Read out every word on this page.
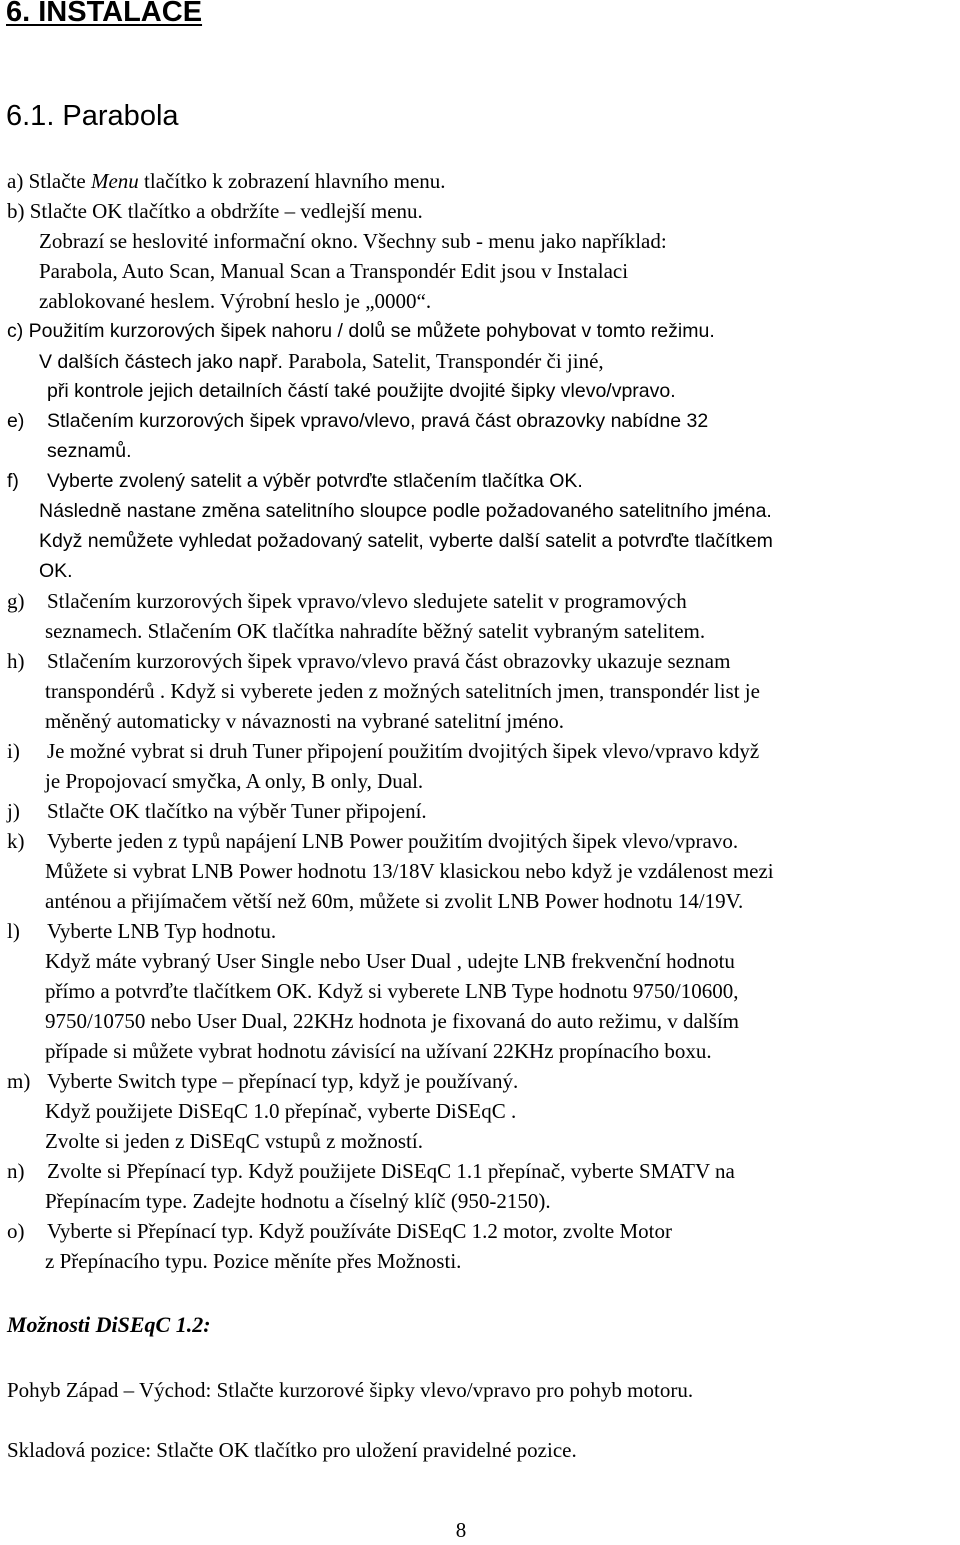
6. INSTALACE
6.1. Parabola

a) Stlačte Menu tlačítko k zobrazení hlavního menu.

b) Stlačte OK tlačítko a obdržíte – vedlejší menu.

Zobrazí se heslovité informační okno. Všechny sub - menu jako například:

Parabola, Auto Scan, Manual Scan a Transpondér Edit jsou v Instalaci

zablokované heslem. Výrobní heslo je „0000“.

c) Použitím kurzorových šipek nahoru / dolů se můžete pohybovat v tomto režimu.

V dalších částech jako např. Parabola, Satelit, Transpondér či jiné,

při kontrole jejich detailních částí také použijte dvojité šipky vlevo/vpravo.

e) Stlačením kurzorových šipek vpravo/vlevo, pravá část obrazovky nabídne 32

seznamů.

f) Vyberte zvolený satelit a výběr potvrďte stlačením tlačítka OK.

Následně nastane změna satelitního sloupce podle požadovaného satelitního jména.

Když nemůžete vyhledat požadovaný satelit, vyberte další satelit a potvrďte tlačítkem

OK.

g) Stlačením kurzorových šipek vpravo/vlevo sledujete satelit v programových

seznamech. Stlačením OK tlačítka nahradíte běžný satelit vybraným satelitem.

h) Stlačením kurzorových šipek vpravo/vlevo pravá část obrazovky ukazuje seznam

transpondérů . Když si vyberete jeden z možných satelitních jmen, transpondér list je

měněný automaticky v návaznosti na vybrané satelitní jméno.

i) Je možné vybrat si druh Tuner připojení použitím dvojitých šipek vlevo/vpravo když

je Propojovací smyčka, A only, B only, Dual.

j) Stlačte OK tlačítko na výběr Tuner připojení.

k) Vyberte jeden z typů napájení LNB Power použitím dvojitých šipek vlevo/vpravo.

Můžete si vybrat LNB Power hodnotu 13/18V klasickou nebo když je vzdálenost mezi

anténou a přijímačem větší než 60m, můžete si zvolit LNB Power hodnotu 14/19V.

l) Vyberte LNB Typ hodnotu.

Když máte vybraný User Single nebo User Dual , udejte LNB frekvenční hodnotu

přímo a potvrďte tlačítkem OK. Když si vyberete LNB Type hodnotu 9750/10600,

9750/10750 nebo User Dual, 22KHz hodnota je fixovaná do auto režimu, v dalším

případe si můžete vybrat hodnotu závisící na užívaní 22KHz propínacího boxu.

m) Vyberte Switch type – přepínací typ, když je používaný.

Když použijete DiSEqC 1.0 přepínač, vyberte DiSEqC .

Zvolte si jeden z DiSEqC vstupů z možností.

n) Zvolte si Přepínací typ. Když použijete DiSEqC 1.1 přepínač, vyberte SMATV na

Přepínacím type. Zadejte hodnotu a číselný klíč (950-2150).

o) Vyberte si Přepínací typ. Když používáte DiSEqC 1.2 motor, zvolte Motor

z Přepínacího typu. Pozice měníte přes Možnosti.

Možnosti DiSEqC 1.2:

Pohyb Západ – Východ: Stlačte kurzorové šipky vlevo/vpravo pro pohyb motoru.

Skladová pozice: Stlačte OK tlačítko pro uložení pravidelné pozice.

8
